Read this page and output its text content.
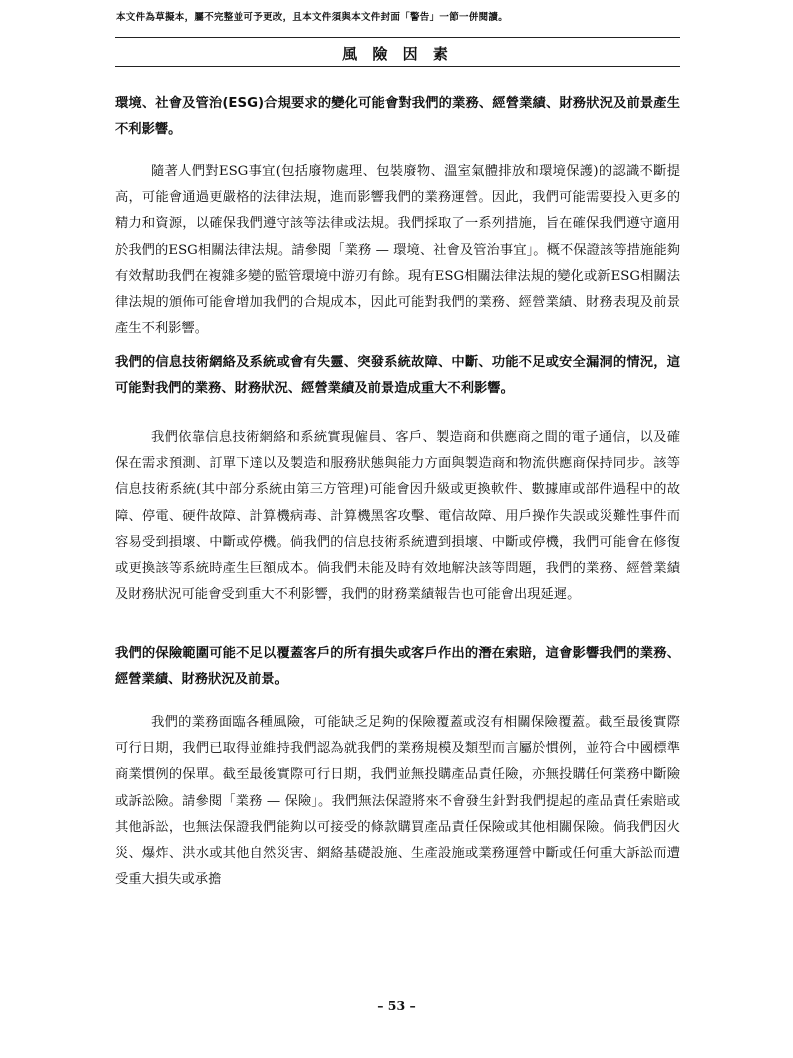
本文件為草擬本，屬不完整並可予更改，且本文件須與本文件封面「警告」一節一併閱讀。
風 險 因 素

環境、社會及管治(ESG)合規要求的變化可能會對我們的業務、經營業績、財務狀況及前景產生不利影響。

隨著人們對ESG事宜(包括廢物處理、包裝廢物、溫室氣體排放和環境保護)的認識不斷提高，可能會通過更嚴格的法律法規，進而影響我們的業務運營。因此，我們可能需要投入更多的精力和資源，以確保我們遵守該等法律或法規。我們採取了一系列措施，旨在確保我們遵守適用於我們的ESG相關法律法規。請參閱「業務 — 環境、社會及管治事宜」。概不保證該等措施能夠有效幫助我們在複雜多變的監管環境中游刃有餘。現有ESG相關法律法規的變化或新ESG相關法律法規的頒佈可能會增加我們的合規成本，因此可能對我們的業務、經營業績、財務表現及前景產生不利影響。

我們的信息技術網絡及系統或會有失靈、突發系統故障、中斷、功能不足或安全漏洞的情況，這可能對我們的業務、財務狀況、經營業績及前景造成重大不利影響。

我們依靠信息技術網絡和系統實現僱員、客戶、製造商和供應商之間的電子通信，以及確保在需求預測、訂單下達以及製造和服務狀態與能力方面與製造商和物流供應商保持同步。該等信息技術系統(其中部分系統由第三方管理)可能會因升級或更換軟件、數據庫或部件過程中的故障、停電、硬件故障、計算機病毒、計算機黑客攻擊、電信故障、用戶操作失誤或災難性事件而容易受到損壞、中斷或停機。倘我們的信息技術系統遭到損壞、中斷或停機，我們可能會在修復或更換該等系統時產生巨額成本。倘我們未能及時有效地解決該等問題，我們的業務、經營業績及財務狀況可能會受到重大不利影響，我們的財務業績報告也可能會出現延遲。

我們的保險範圍可能不足以覆蓋客戶的所有損失或客戶作出的潛在索賠，這會影響我們的業務、經營業績、財務狀況及前景。

我們的業務面臨各種風險，可能缺乏足夠的保險覆蓋或沒有相關保險覆蓋。截至最後實際可行日期，我們已取得並維持我們認為就我們的業務規模及類型而言屬於慣例，並符合中國標準商業慣例的保單。截至最後實際可行日期，我們並無投購產品責任險，亦無投購任何業務中斷險或訴訟險。請參閱「業務 — 保險」。我們無法保證將來不會發生針對我們提起的產品責任索賠或其他訴訟，也無法保證我們能夠以可接受的條款購買產品責任保險或其他相關保險。倘我們因火災、爆炸、洪水或其他自然災害、網絡基礎設施、生產設施或業務運營中斷或任何重大訴訟而遭受重大損失或承擔

– 53 –
